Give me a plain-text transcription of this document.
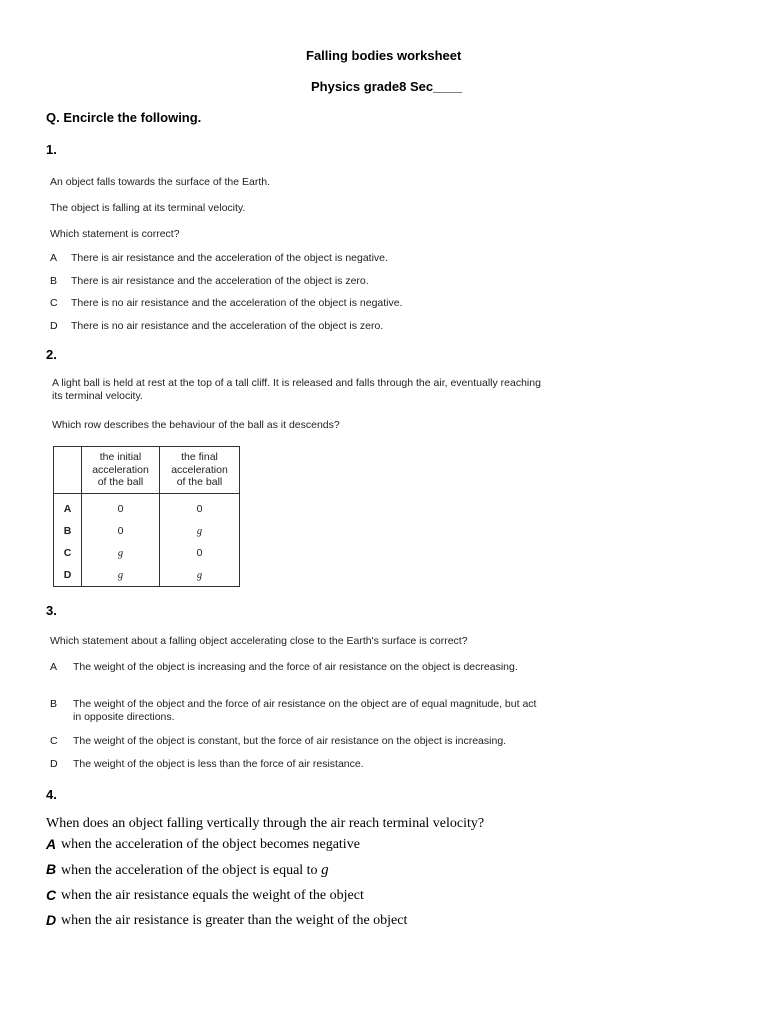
Falling bodies worksheet
Physics grade8 Sec____
Q. Encircle the following.
1.
An object falls towards the surface of the Earth.
The object is falling at its terminal velocity.
Which statement is correct?
A There is air resistance and the acceleration of the object is negative.
B There is air resistance and the acceleration of the object is zero.
C There is no air resistance and the acceleration of the object is negative.
D There is no air resistance and the acceleration of the object is zero.
2.
A light ball is held at rest at the top of a tall cliff. It is released and falls through the air, eventually reaching its terminal velocity.
Which row describes the behaviour of the ball as it descends?

	the initial acceleration of the ball	the final acceleration of the ball

A	0	0
B	0	g
C	g	0
D	g	g
3.
Which statement about a falling object accelerating close to the Earth's surface is correct?
A The weight of the object is increasing and the force of air resistance on the object is decreasing.
B The weight of the object and the force of air resistance on the object are of equal magnitude, but act in opposite directions.
C The weight of the object is constant, but the force of air resistance on the object is increasing.
D The weight of the object is less than the force of air resistance.
4.
When does an object falling vertically through the air reach terminal velocity?
A when the acceleration of the object becomes negative
B when the acceleration of the object is equal to g
C when the air resistance equals the weight of the object
D when the air resistance is greater than the weight of the object
